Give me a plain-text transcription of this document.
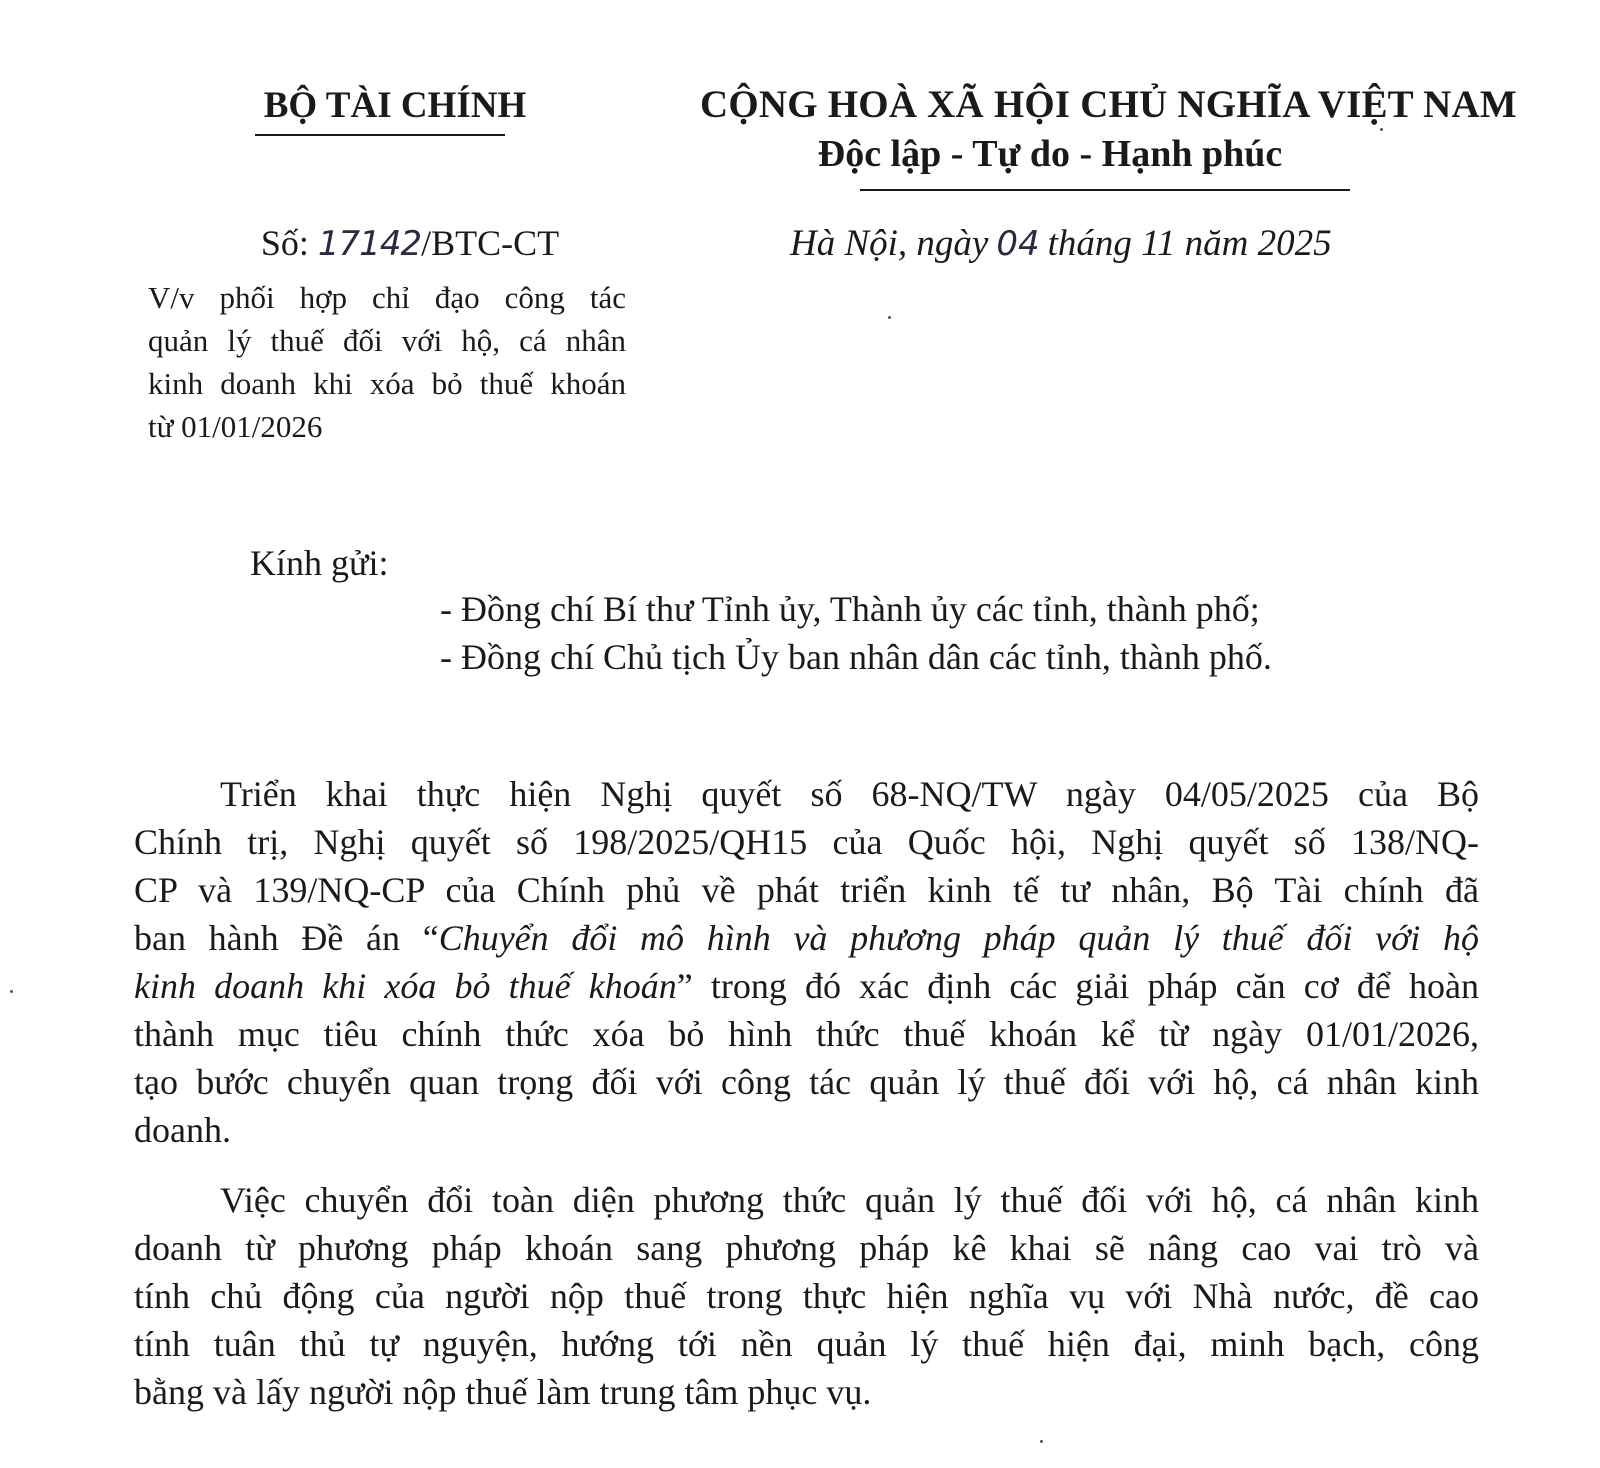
BỘ TÀI CHÍNH	CỘNG HOÀ XÃ HỘI CHỦ NGHĨA VIỆT NAM
Độc lập - Tự do - Hạnh phúc
Số: 17142/BTC-CT	Hà Nội, ngày 04 tháng 11 năm 2025
V/v phối hợp chỉ đạo công tác
quản lý thuế đối với hộ, cá nhân
kinh doanh khi xóa bỏ thuế khoán
từ 01/01/2026
Kính gửi:
- Đồng chí Bí thư Tỉnh ủy, Thành ủy các tỉnh, thành phố;
- Đồng chí Chủ tịch Ủy ban nhân dân các tỉnh, thành phố.
Triển khai thực hiện Nghị quyết số 68-NQ/TW ngày 04/05/2025 của Bộ
Chính trị, Nghị quyết số 198/2025/QH15 của Quốc hội, Nghị quyết số 138/NQ-
CP và 139/NQ-CP của Chính phủ về phát triển kinh tế tư nhân, Bộ Tài chính đã
ban hành Đề án “Chuyển đổi mô hình và phương pháp quản lý thuế đối với hộ
kinh doanh khi xóa bỏ thuế khoán” trong đó xác định các giải pháp căn cơ để hoàn
thành mục tiêu chính thức xóa bỏ hình thức thuế khoán kể từ ngày 01/01/2026,
tạo bước chuyển quan trọng đối với công tác quản lý thuế đối với hộ, cá nhân kinh
doanh.
Việc chuyển đổi toàn diện phương thức quản lý thuế đối với hộ, cá nhân kinh
doanh từ phương pháp khoán sang phương pháp kê khai sẽ nâng cao vai trò và
tính chủ động của người nộp thuế trong thực hiện nghĩa vụ với Nhà nước, đề cao
tính tuân thủ tự nguyện, hướng tới nền quản lý thuế hiện đại, minh bạch, công
bằng và lấy người nộp thuế làm trung tâm phục vụ.
